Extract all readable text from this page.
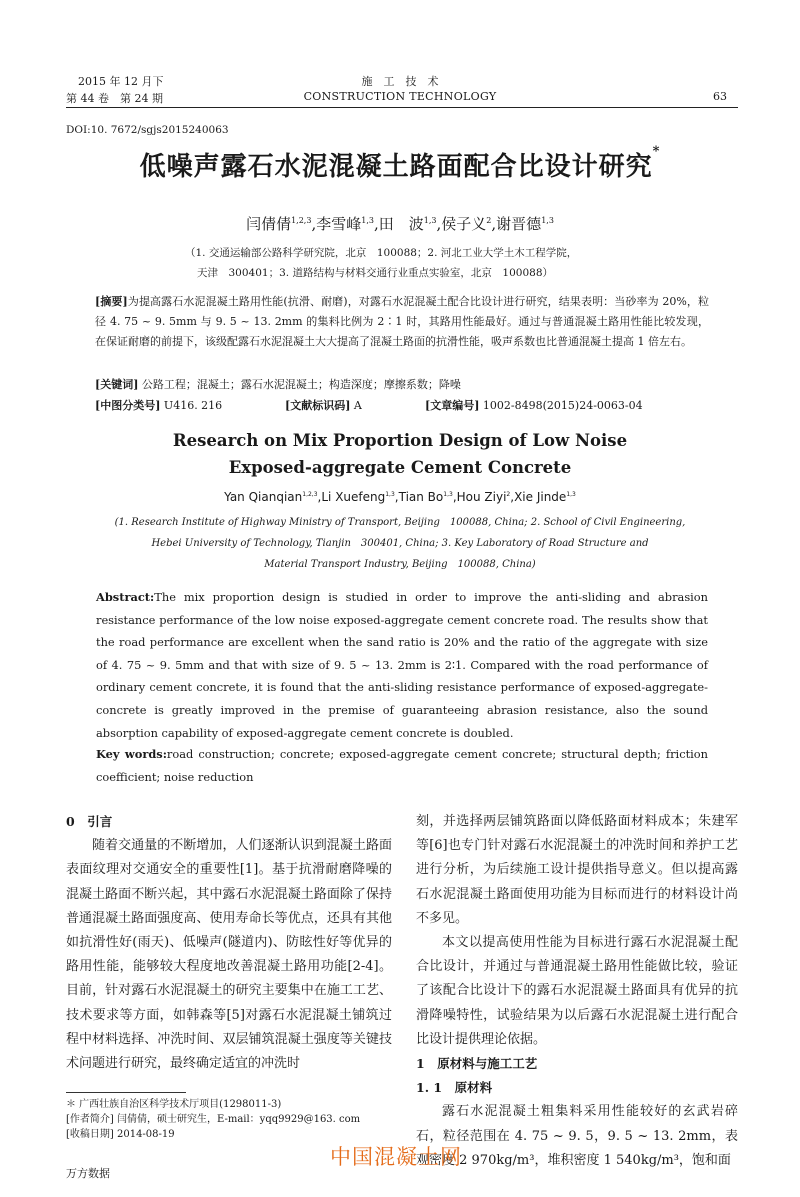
2015 年 12 月下
第 44 卷　第 24 期
施　工　技　术
CONSTRUCTION TECHNOLOGY	63
DOI:10. 7672/sgjs2015240063
低噪声露石水泥混凝土路面配合比设计研究*
闫倩倩$^{1,2,3}$,李雪峰$^{1,3}$,田　波$^{1,3}$,侯子义$^2$,谢晋德$^{1,3}$
（1. 交通运输部公路科学研究院，北京　100088；2. 河北工业大学土木工程学院，
天津　300401；3. 道路结构与材料交通行业重点实验室，北京　100088）
[摘要]为提高露石水泥混凝土路用性能(抗滑、耐磨)，对露石水泥混凝土配合比设计进行研究，结果表明：当砂率为 20%，粒径 4. 75 ~ 9. 5mm 与 9. 5 ~ 13. 2mm 的集料比例为 2∶1 时，其路用性能最好。通过与普通混凝土路用性能比较发现，在保证耐磨的前提下，该级配露石水泥混凝土大大提高了混凝土路面的抗滑性能，吸声系数也比普通混凝土提高 1 倍左右。
[关键词] 公路工程；混凝土；露石水泥混凝土；构造深度；摩擦系数；降噪
[中图分类号] U416. 216	[文献标识码] A	[文章编号] 1002-8498(2015)24-0063-04
Research on Mix Proportion Design of Low Noise
Exposed-aggregate Cement Concrete
Yan Qianqian$^{1,2,3}$,Li Xuefeng$^{1,3}$,Tian Bo$^{1,3}$,Hou Ziyi$^2$,Xie Jinde$^{1,3}$
(1. Research Institute of Highway Ministry of Transport, Beijing　100088, China; 2. School of Civil Engineering,
Hebei University of Technology, Tianjin　300401, China; 3. Key Laboratory of Road Structure and
Material Transport Industry, Beijing　100088, China)
Abstract:The mix proportion design is studied in order to improve the anti-sliding and abrasion resistance performance of the low noise exposed-aggregate cement concrete road. The results show that the road performance are excellent when the sand ratio is 20% and the ratio of the aggregate with size of 4. 75 ~ 9. 5mm and that with size of 9. 5 ~ 13. 2mm is 2∶1. Compared with the road performance of ordinary cement concrete, it is found that the anti-sliding resistance performance of exposed-aggregate-concrete is greatly improved in the premise of guaranteeing abrasion resistance, also the sound absorption capability of exposed-aggregate cement concrete is doubled.
Key words:road construction; concrete; exposed-aggregate cement concrete; structural depth; friction coefficient; noise reduction
0　引言

随着交通量的不断增加，人们逐渐认识到混凝土路面表面纹理对交通安全的重要性[1]。基于抗滑耐磨降噪的混凝土路面不断兴起，其中露石水泥混凝土路面除了保持普通混凝土路面强度高、使用寿命长等优点，还具有其他如抗滑性好(雨天)、低噪声(隧道内)、防眩性好等优异的路用性能，能够较大程度地改善混凝土路用功能[2-4]。目前，针对露石水泥混凝土的研究主要集中在施工工艺、技术要求等方面，如韩森等[5]对露石水泥混凝土铺筑过程中材料选择、冲洗时间、双层铺筑混凝土强度等关键技术问题进行研究，最终确定适宜的冲洗时

＊ 广西壮族自治区科学技术厅项目(1298011-3)
[作者简介] 闫倩倩，硕士研究生，E-mail：yqq9929@163. com
[收稿日期] 2014-08-19
刻，并选择两层铺筑路面以降低路面材料成本；朱建军等[6]也专门针对露石水泥混凝土的冲洗时间和养护工艺进行分析，为后续施工设计提供指导意义。但以提高露石水泥混凝土路面使用功能为目标而进行的材料设计尚不多见。

本文以提高使用性能为目标进行露石水泥混凝土配合比设计，并通过与普通混凝土路用性能做比较，验证了该配合比设计下的露石水泥混凝土路面具有优异的抗滑降噪特性，试验结果为以后露石水泥混凝土进行配合比设计提供理论依据。

1　原材料与施工工艺
1. 1　原材料

露石水泥混凝土粗集料采用性能较好的玄武岩碎石，粒径范围在 4. 75 ~ 9. 5，9. 5 ~ 13. 2mm，表观密度 2 970kg/m³，堆积密度 1 540kg/m³，饱和面

万方数据
中国混凝土网
